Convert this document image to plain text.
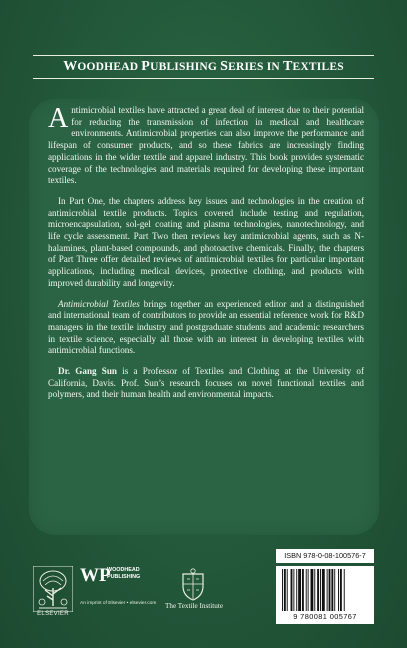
WOODHEAD PUBLISHING SERIES IN TEXTILES

Antimicrobial textiles have attracted a great deal of interest due to their potential for reducing the transmission of infection in medical and healthcare environments. Antimicrobial properties can also improve the performance and lifespan of consumer products, and so these fabrics are increasingly finding applications in the wider textile and apparel industry. This book provides systematic coverage of the technologies and materials required for developing these important textiles.

In Part One, the chapters address key issues and technologies in the creation of antimicrobial textile products. Topics covered include testing and regulation, microencapsulation, sol-gel coating and plasma technologies, nanotechnology, and life cycle assessment. Part Two then reviews key antimicrobial agents, such as N-halamines, plant-based compounds, and photoactive chemicals. Finally, the chapters of Part Three offer detailed reviews of antimicrobial textiles for particular important applications, including medical devices, protective clothing, and products with improved durability and longevity.

Antimicrobial Textiles brings together an experienced editor and a distinguished and international team of contributors to provide an essential reference work for R&D managers in the textile industry and postgraduate students and academic researchers in textile science, especially all those with an interest in developing textiles with antimicrobial functions.

Dr. Gang Sun is a Professor of Textiles and Clothing at the University of California, Davis. Prof. Sun’s research focuses on novel functional textiles and polymers, and their human health and environmental impacts.

ELSEVIER
WP
WOODHEAD
PUBLISHING
An imprint of Elsevier • elsevier.com	The Textile Institute
ISBN 978-0-08-100576-7
9 780081 005767
